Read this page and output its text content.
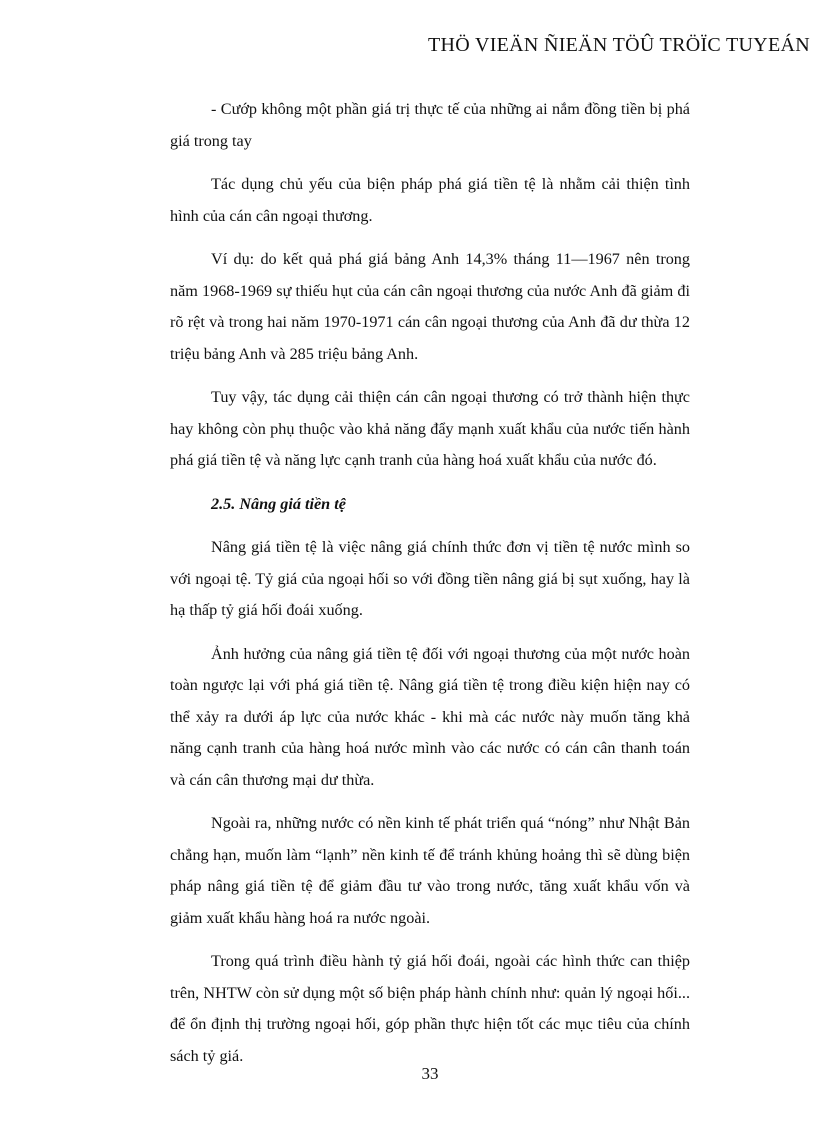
THÖ VIEÄN ÑIEÄN TÖÛ TRÖÏC TUYEÁN

- Cướp không một phần giá trị thực tế của những ai nắm đồng tiền bị phá giá trong tay

Tác dụng chủ yếu của biện pháp phá giá tiền tệ là nhằm cải thiện tình hình của cán cân ngoại thương.

Ví dụ: do kết quả phá giá bảng Anh 14,3% tháng 11—1967 nên trong năm 1968-1969 sự thiếu hụt của cán cân ngoại thương của nước Anh đã giảm đi rõ rệt và trong hai năm 1970-1971 cán cân ngoại thương của Anh đã dư thừa 12 triệu bảng Anh và 285 triệu bảng Anh.

Tuy vậy, tác dụng cải thiện cán cân ngoại thương có trở thành hiện thực hay không còn phụ thuộc vào khả năng đẩy mạnh xuất khẩu của nước tiến hành phá giá tiền tệ và năng lực cạnh tranh của hàng hoá xuất khẩu của nước đó.

2.5. Nâng giá tiền tệ

Nâng giá tiền tệ là việc nâng giá chính thức đơn vị tiền tệ nước mình so với ngoại tệ. Tỷ giá của ngoại hối so với đồng tiền nâng giá bị sụt xuống, hay là hạ thấp tỷ giá hối đoái xuống.

Ảnh hưởng của nâng giá tiền tệ đối với ngoại thương của một nước hoàn toàn ngược lại với phá giá tiền tệ. Nâng giá tiền tệ trong điều kiện hiện nay có thể xảy ra dưới áp lực của nước khác - khi mà các nước này muốn tăng khả năng cạnh tranh của hàng hoá nước mình vào các nước có cán cân thanh toán và cán cân thương mại dư thừa.

Ngoài ra, những nước có nền kinh tế phát triển quá “nóng” như Nhật Bản chẳng hạn, muốn làm “lạnh” nền kinh tế để tránh khủng hoảng thì sẽ dùng biện pháp nâng giá tiền tệ để giảm đầu tư vào trong nước, tăng xuất khẩu vốn và giảm xuất khẩu hàng hoá ra nước ngoài.

Trong quá trình điều hành tỷ giá hối đoái, ngoài các hình thức can thiệp trên, NHTW còn sử dụng một số biện pháp hành chính như: quản lý ngoại hối... để ổn định thị trường ngoại hối, góp phần thực hiện tốt các mục tiêu của chính sách tỷ giá.

33
